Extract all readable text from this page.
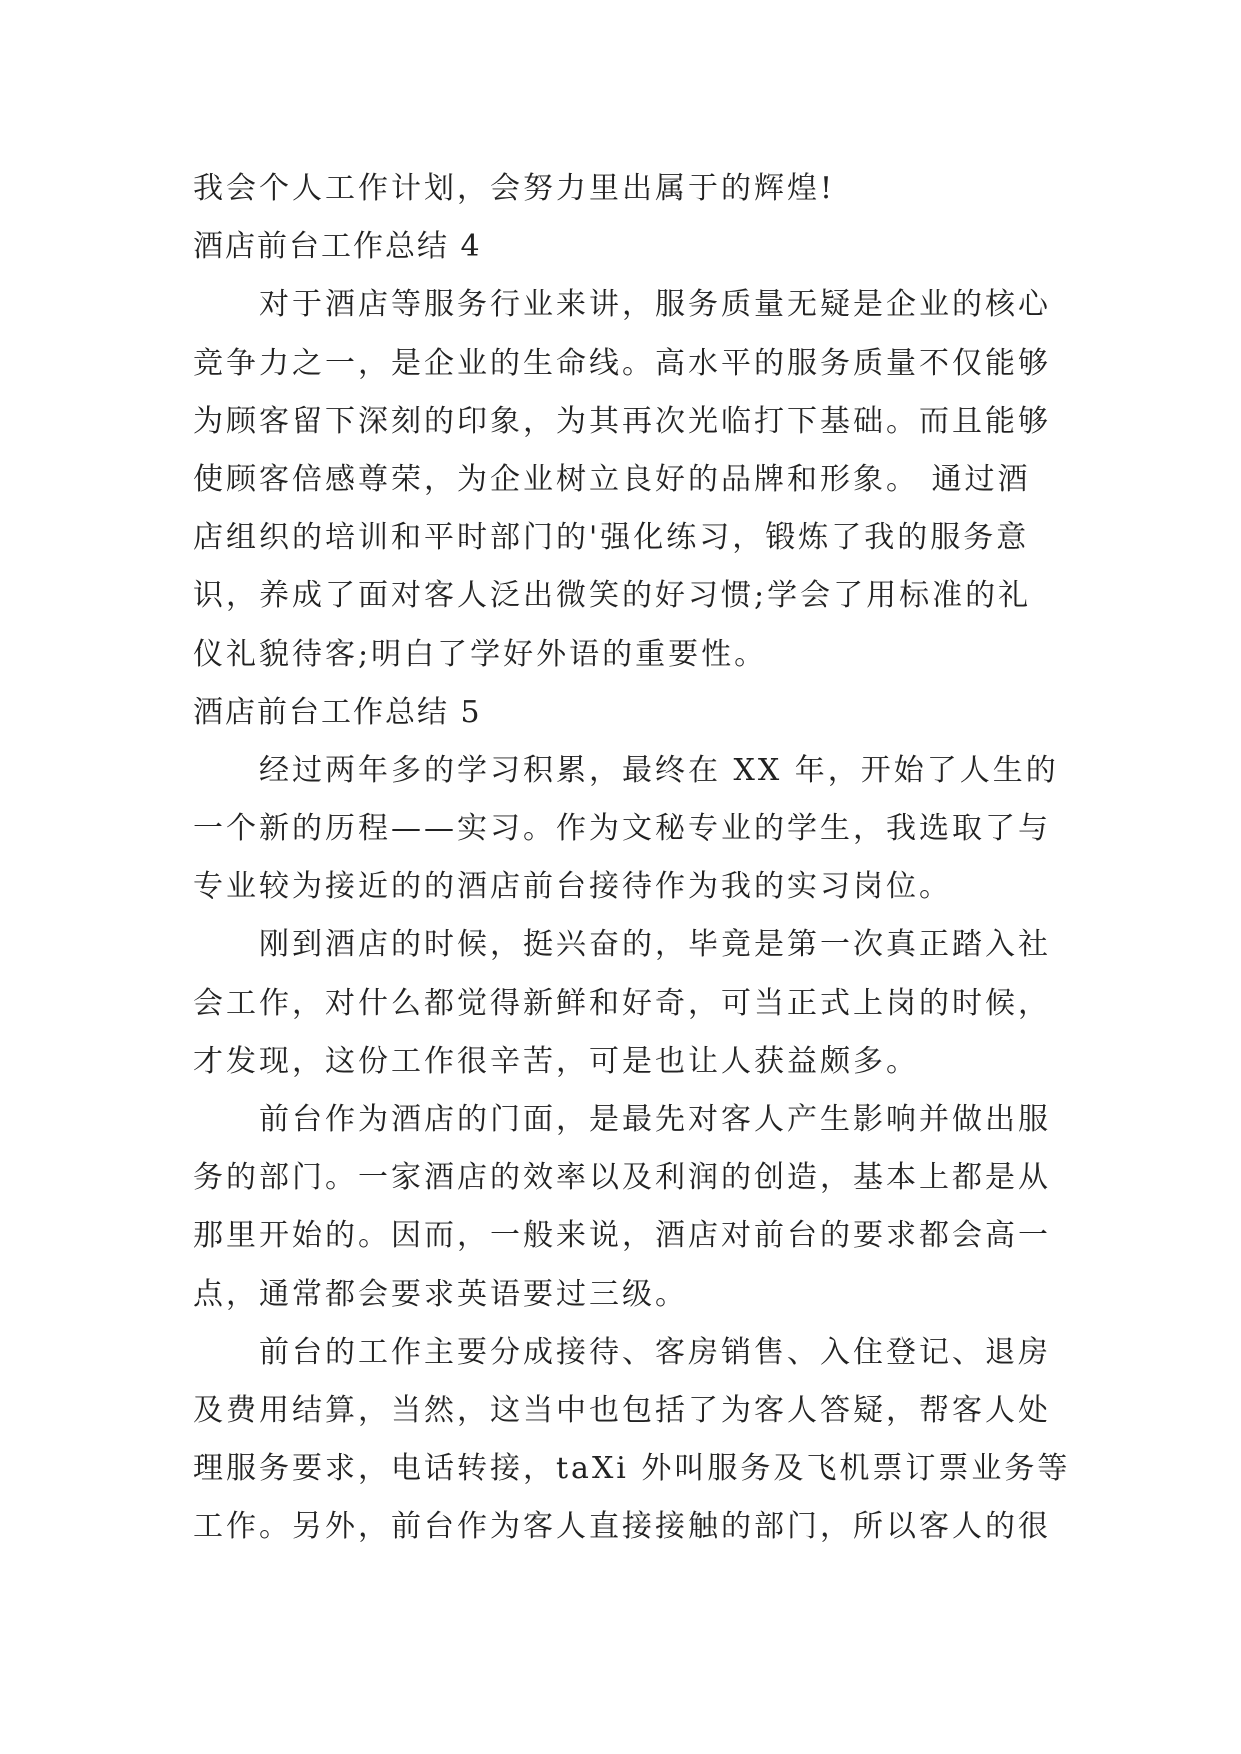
我会个人工作计划，会努力里出属于的辉煌!
酒店前台工作总结 4
对于酒店等服务行业来讲，服务质量无疑是企业的核心
竞争力之一，是企业的生命线。高水平的服务质量不仅能够
为顾客留下深刻的印象，为其再次光临打下基础。而且能够
使顾客倍感尊荣，为企业树立良好的品牌和形象。 通过酒
店组织的培训和平时部门的'强化练习，锻炼了我的服务意
识，养成了面对客人泛出微笑的好习惯;学会了用标准的礼
仪礼貌待客;明白了学好外语的重要性。
酒店前台工作总结 5
经过两年多的学习积累，最终在 XX 年，开始了人生的
一个新的历程——实习。作为文秘专业的学生，我选取了与
专业较为接近的的酒店前台接待作为我的实习岗位。
刚到酒店的时候，挺兴奋的，毕竟是第一次真正踏入社
会工作，对什么都觉得新鲜和好奇，可当正式上岗的时候，
才发现，这份工作很辛苦，可是也让人获益颇多。
前台作为酒店的门面，是最先对客人产生影响并做出服
务的部门。一家酒店的效率以及利润的创造，基本上都是从
那里开始的。因而，一般来说，酒店对前台的要求都会高一
点，通常都会要求英语要过三级。
前台的工作主要分成接待、客房销售、入住登记、退房
及费用结算，当然，这当中也包括了为客人答疑，帮客人处
理服务要求，电话转接，taXi 外叫服务及飞机票订票业务等
工作。另外，前台作为客人直接接触的部门，所以客人的很
